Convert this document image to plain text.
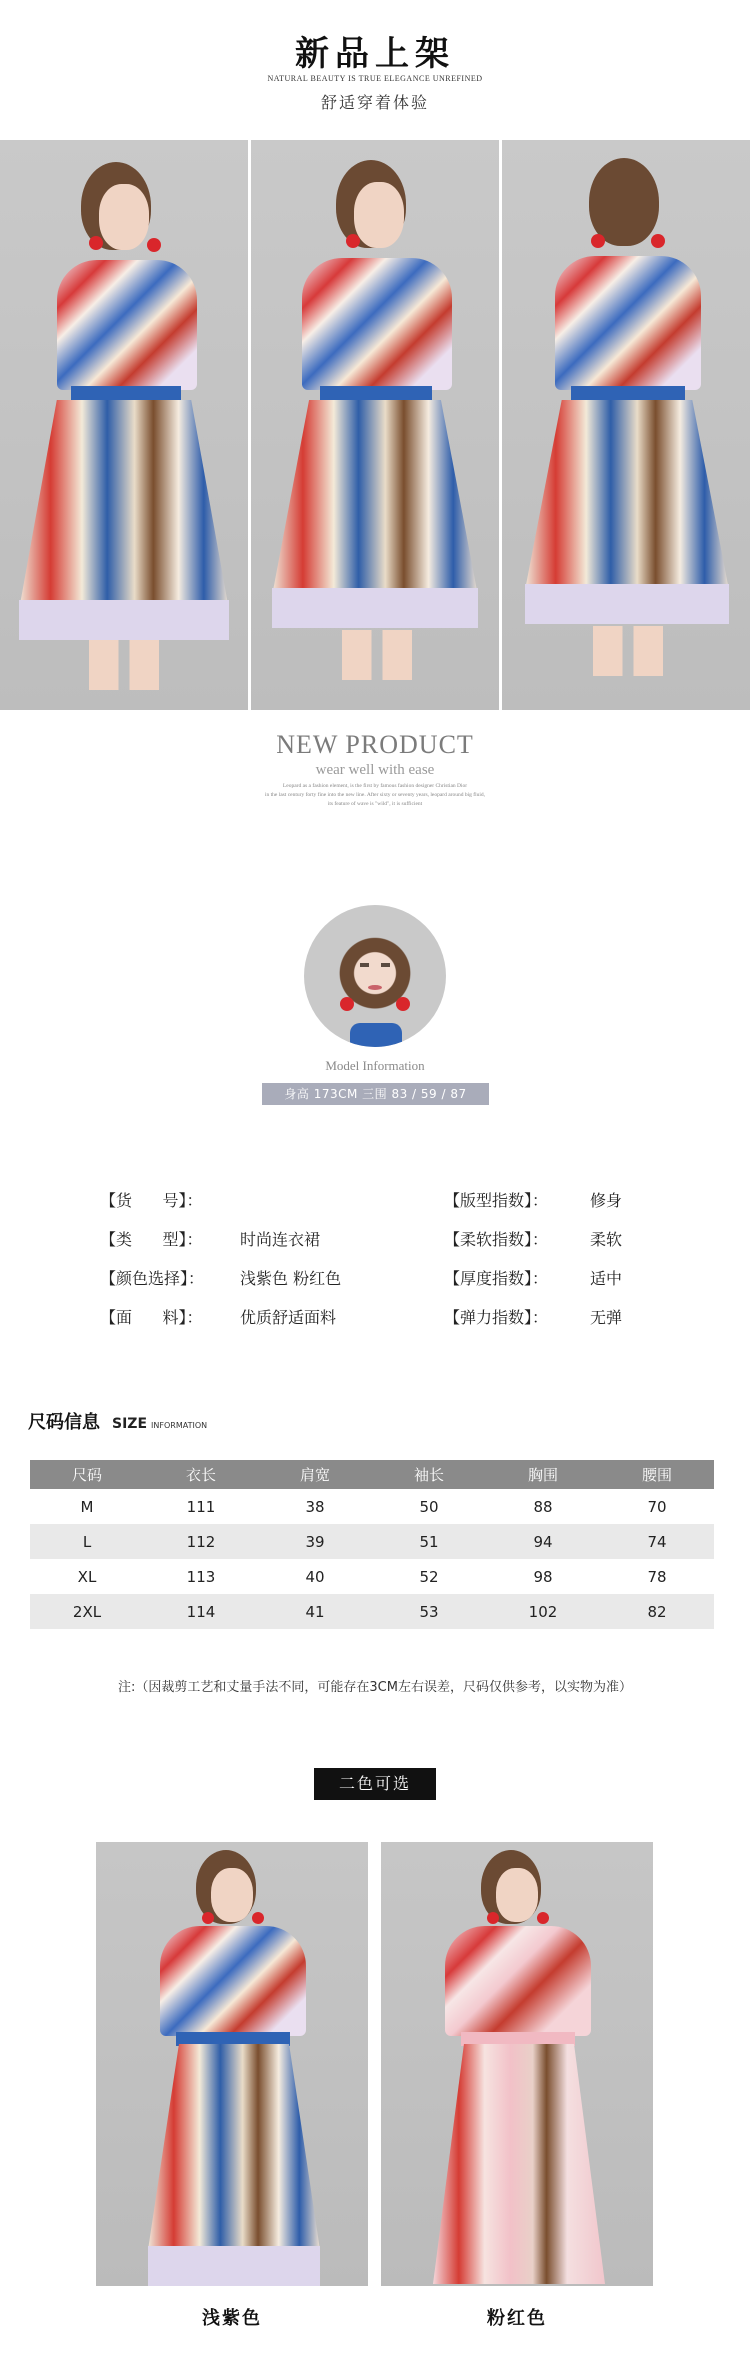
新品上架
NATURAL BEAUTY IS TRUE ELEGANCE UNREFINED
舒适穿着体验
NEW PRODUCT
wear well with ease
Leopard as a fashion element, is the first by famous fashion designer Christian Dior
in the last century forty fine into the new line. After sixty or seventy years, leopard around big fluid,
its feature of wave is "wild", it is sufficient
Model Information
身高 173CM 三围 83 / 59 / 87
【货      号】：
【类      型】：	时尚连衣裙
【颜色选择】：	浅紫色 粉红色
【面      料】：	优质舒适面料
【版型指数】：	修身
【柔软指数】：	柔软
【厚度指数】：	适中
【弹力指数】：	无弹
尺码信息 SIZE INFORMATION
尺码	衣长	肩宽	袖长	胸围	腰围
M	111	38	50	88	70
L	112	39	51	94	74
XL	113	40	52	98	78
2XL	114	41	53	102	82
注:（因裁剪工艺和丈量手法不同，可能存在3CM左右误差，尺码仅供参考，以实物为准）
二色可选
浅紫色	粉红色
